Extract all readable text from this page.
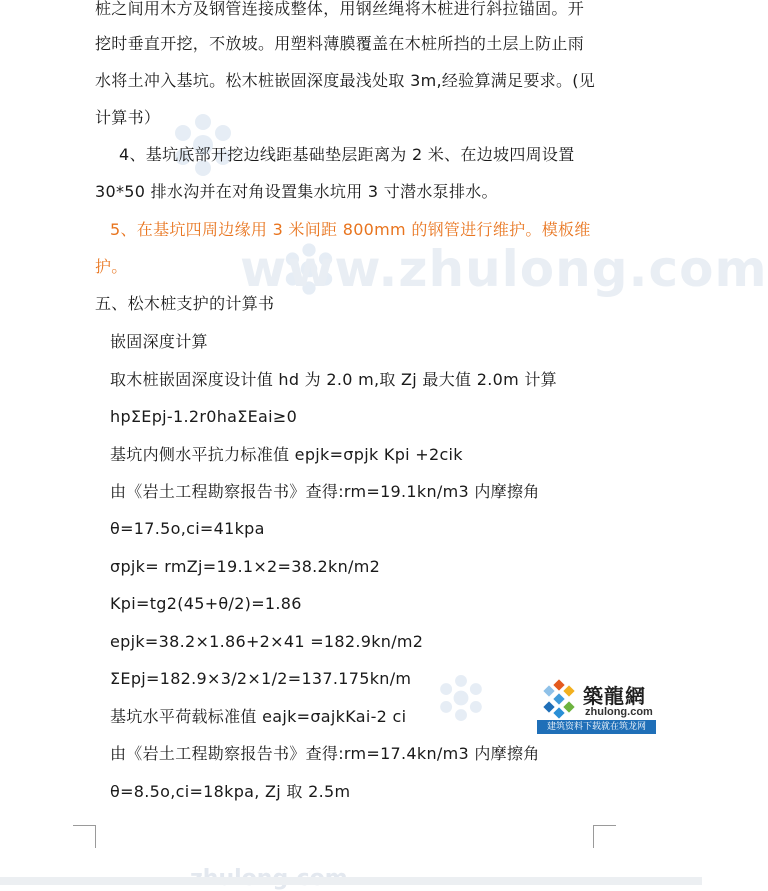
www.zhulong.com
桩之间用木方及钢管连接成整体，用钢丝绳将木桩进行斜拉锚固。开
挖时垂直开挖，不放坡。用塑料薄膜覆盖在木桩所挡的土层上防止雨
水将土冲入基坑。松木桩嵌固深度最浅处取 3m,经验算满足要求。(见
计算书）
4、基坑底部开挖边线距基础垫层距离为 2 米、在边坡四周设置
30*50 排水沟并在对角设置集水坑用 3 寸潜水泵排水。
5、在基坑四周边缘用 3 米间距 800mm 的钢管进行维护。模板维
护。
五、松木桩支护的计算书
嵌固深度计算
取木桩嵌固深度设计值 hd 为 2.0 m,取 Zj 最大值 2.0m 计算
hpΣEpj-1.2r0haΣEai≥0
基坑内侧水平抗力标准值 epjk=σpjk Kpi +2cik
由《岩土工程勘察报告书》查得:rm=19.1kn/m3 内摩擦角
θ=17.5o,ci=41kpa
σpjk= rmZj=19.1×2=38.2kn/m2
Kpi=tg2(45+θ/2)=1.86
epjk=38.2×1.86+2×41 =182.9kn/m2
ΣEpj=182.9×3/2×1/2=137.175kn/m
基坑水平荷载标准值 eajk=σajkKai-2 ci
由《岩土工程勘察报告书》查得:rm=17.4kn/m3 内摩擦角
θ=8.5o,ci=18kpa, Zj 取 2.5m
築龍網
zhulong.com
建筑资料下载就在筑龙网
